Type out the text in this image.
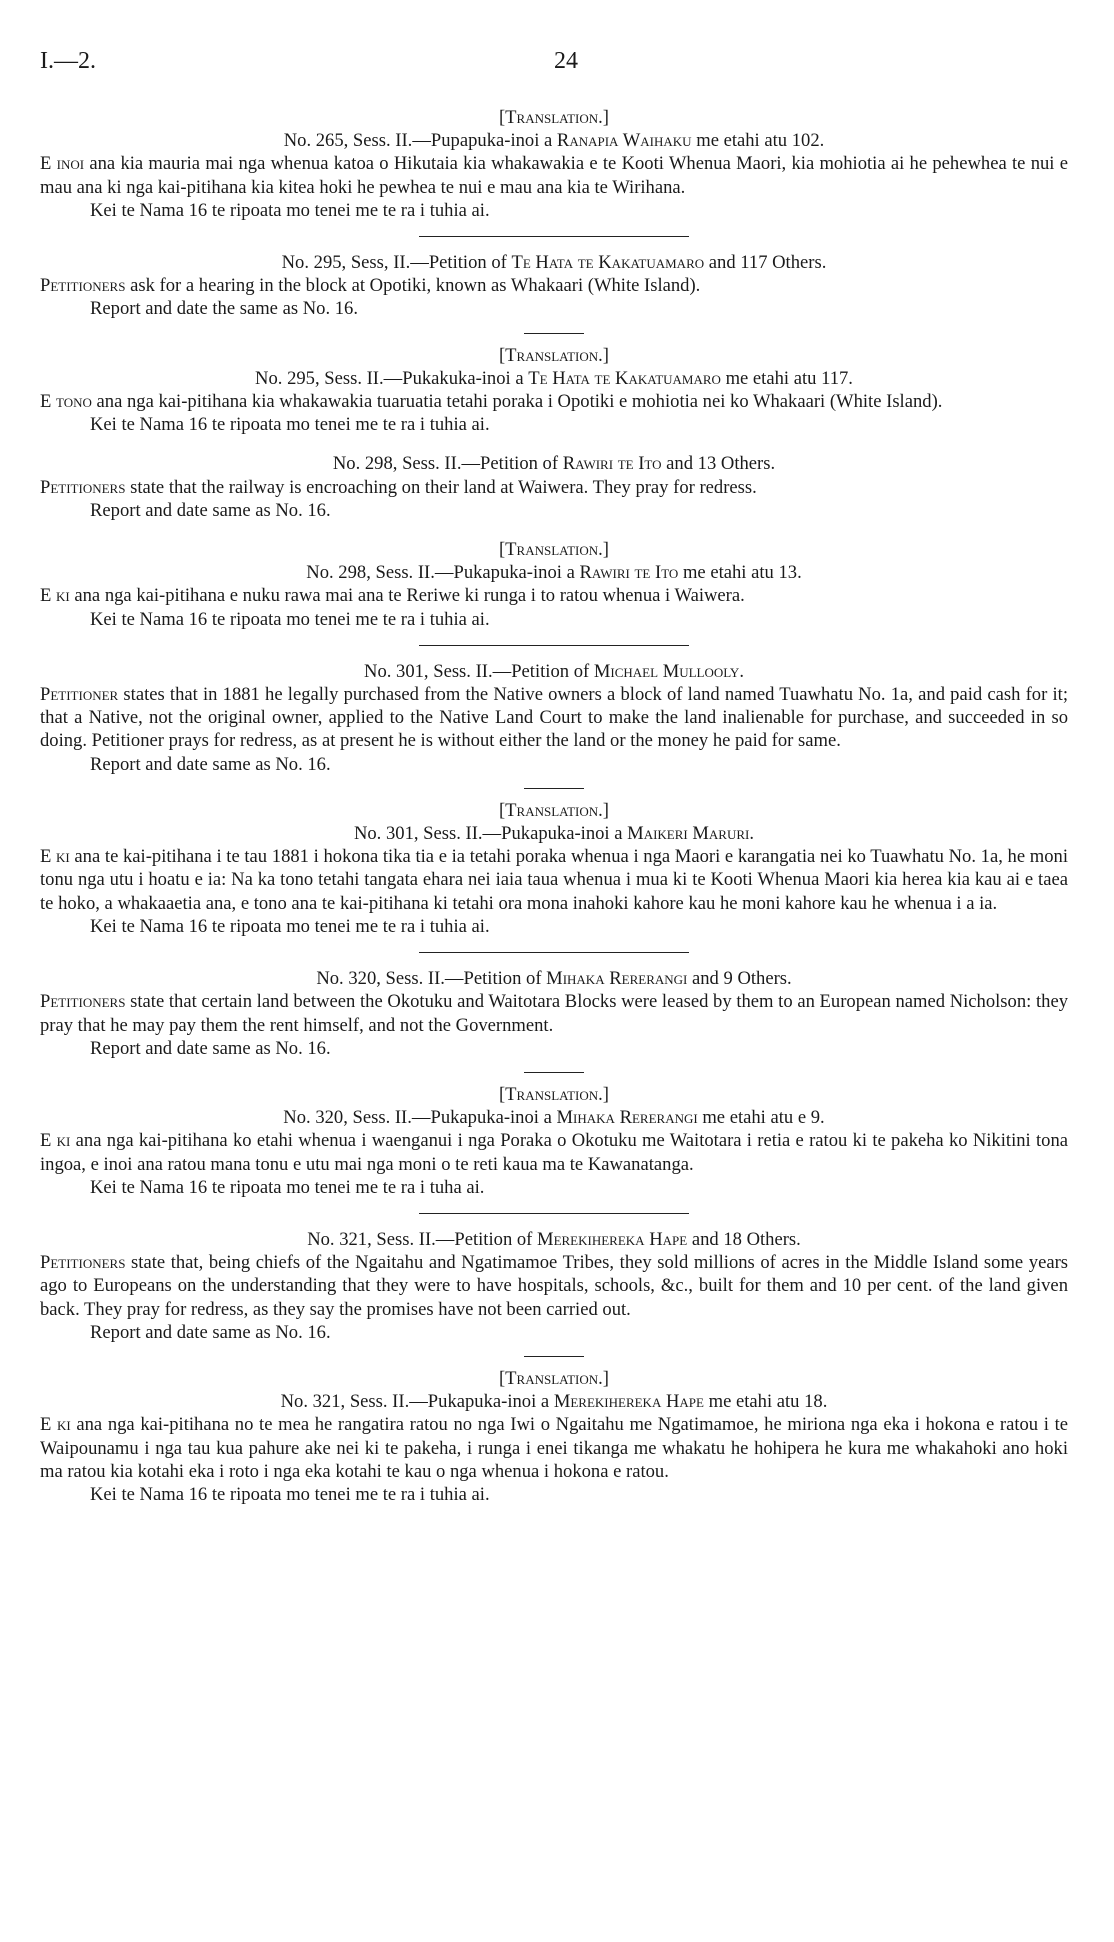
I.—2.	24

[Translation.]

No. 265, Sess. II.—Pupapuka-inoi a Ranapia Waihaku me etahi atu 102.

E inoi ana kia mauria mai nga whenua katoa o Hikutaia kia whakawakia e te Kooti Whenua Maori, kia mohiotia ai he pehewhea te nui e mau ana ki nga kai-pitihana kia kitea hoki he pewhea te nui e mau ana kia te Wirihana.

Kei te Nama 16 te ripoata mo tenei me te ra i tuhia ai.

No. 295, Sess, II.—Petition of Te Hata te Kakatuamaro and 117 Others.

Petitioners ask for a hearing in the block at Opotiki, known as Whakaari (White Island).

Report and date the same as No. 16.

[Translation.]

No. 295, Sess. II.—Pukakuka-inoi a Te Hata te Kakatuamaro me etahi atu 117.

E tono ana nga kai-pitihana kia whakawakia tuaruatia tetahi poraka i Opotiki e mohiotia nei ko Whakaari (White Island).

Kei te Nama 16 te ripoata mo tenei me te ra i tuhia ai.

No. 298, Sess. II.—Petition of Rawiri te Ito and 13 Others.

Petitioners state that the railway is encroaching on their land at Waiwera. They pray for redress.

Report and date same as No. 16.

[Translation.]

No. 298, Sess. II.—Pukapuka-inoi a Rawiri te Ito me etahi atu 13.

E ki ana nga kai-pitihana e nuku rawa mai ana te Reriwe ki runga i to ratou whenua i Waiwera.

Kei te Nama 16 te ripoata mo tenei me te ra i tuhia ai.

No. 301, Sess. II.—Petition of Michael Mullooly.

Petitioner states that in 1881 he legally purchased from the Native owners a block of land named Tuawhatu No. 1a, and paid cash for it; that a Native, not the original owner, applied to the Native Land Court to make the land inalienable for purchase, and succeeded in so doing. Petitioner prays for redress, as at present he is without either the land or the money he paid for same.

Report and date same as No. 16.

[Translation.]

No. 301, Sess. II.—Pukapuka-inoi a Maikeri Maruri.

E ki ana te kai-pitihana i te tau 1881 i hokona tika tia e ia tetahi poraka whenua i nga Maori e karangatia nei ko Tuawhatu No. 1a, he moni tonu nga utu i hoatu e ia: Na ka tono tetahi tangata ehara nei iaia taua whenua i mua ki te Kooti Whenua Maori kia herea kia kau ai e taea te hoko, a whakaaetia ana, e tono ana te kai-pitihana ki tetahi ora mona inahoki kahore kau he moni kahore kau he whenua i a ia.

Kei te Nama 16 te ripoata mo tenei me te ra i tuhia ai.

No. 320, Sess. II.—Petition of Mihaka Rererangi and 9 Others.

Petitioners state that certain land between the Okotuku and Waitotara Blocks were leased by them to an European named Nicholson: they pray that he may pay them the rent himself, and not the Government.

Report and date same as No. 16.

[Translation.]

No. 320, Sess. II.—Pukapuka-inoi a Mihaka Rererangi me etahi atu e 9.

E ki ana nga kai-pitihana ko etahi whenua i waenganui i nga Poraka o Okotuku me Waitotara i retia e ratou ki te pakeha ko Nikitini tona ingoa, e inoi ana ratou mana tonu e utu mai nga moni o te reti kaua ma te Kawanatanga.

Kei te Nama 16 te ripoata mo tenei me te ra i tuha ai.

No. 321, Sess. II.—Petition of Merekihereka Hape and 18 Others.

Petitioners state that, being chiefs of the Ngaitahu and Ngatimamoe Tribes, they sold millions of acres in the Middle Island some years ago to Europeans on the understanding that they were to have hospitals, schools, &c., built for them and 10 per cent. of the land given back. They pray for redress, as they say the promises have not been carried out.

Report and date same as No. 16.

[Translation.]

No. 321, Sess. II.—Pukapuka-inoi a Merekihereka Hape me etahi atu 18.

E ki ana nga kai-pitihana no te mea he rangatira ratou no nga Iwi o Ngaitahu me Ngatimamoe, he miriona nga eka i hokona e ratou i te Waipounamu i nga tau kua pahure ake nei ki te pakeha, i runga i enei tikanga me whakatu he hohipera he kura me whakahoki ano hoki ma ratou kia kotahi eka i roto i nga eka kotahi te kau o nga whenua i hokona e ratou.

Kei te Nama 16 te ripoata mo tenei me te ra i tuhia ai.
